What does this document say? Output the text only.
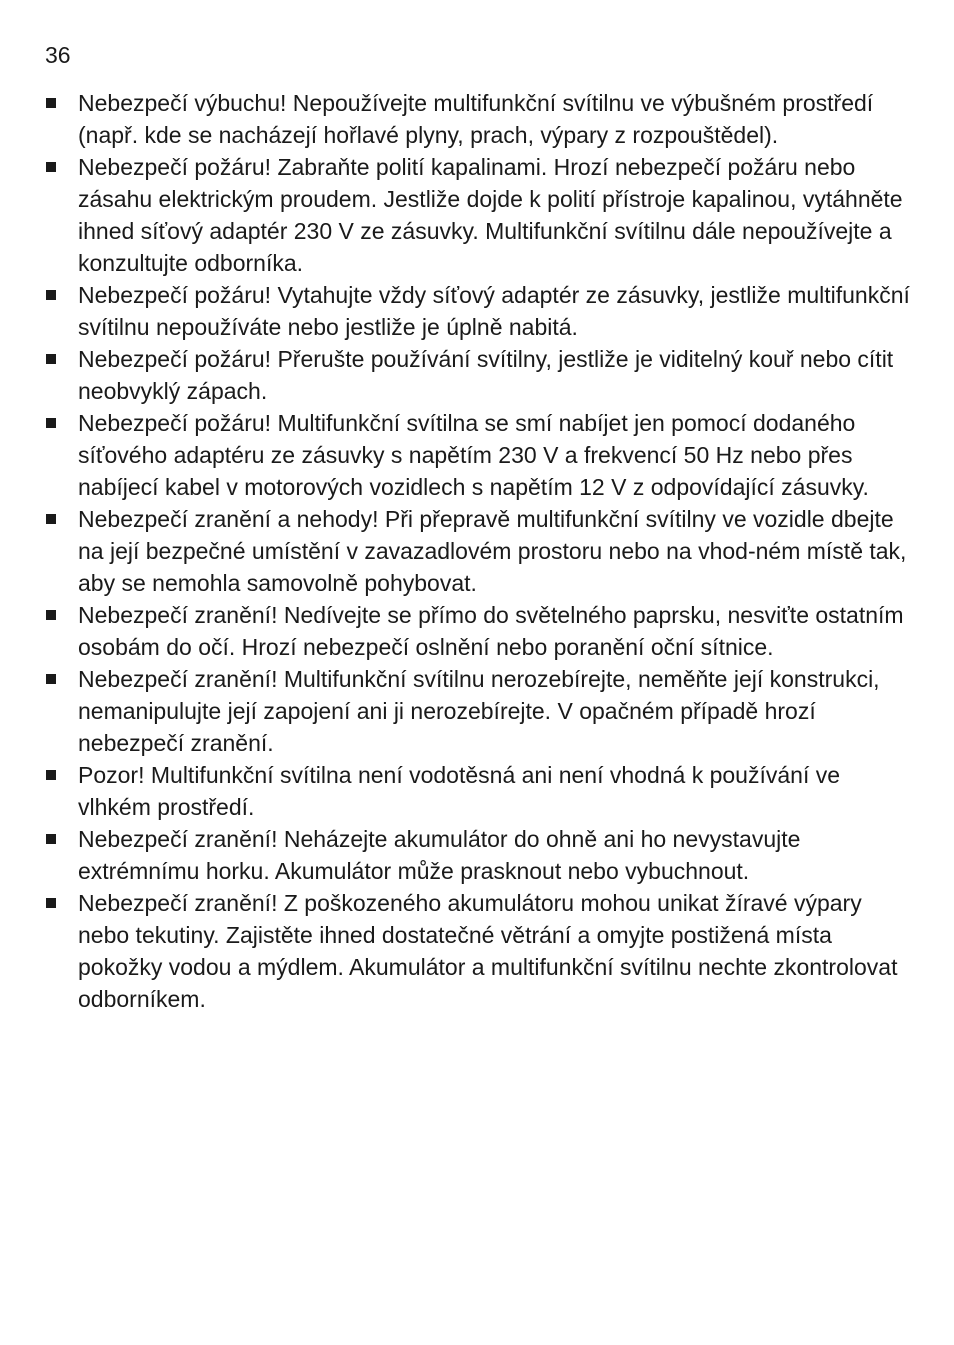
36
Nebezpečí výbuchu! Nepoužívejte multifunkční svítilnu ve výbušném prostředí (např. kde se nacházejí hořlavé plyny, prach, výpary z rozpouštědel).
Nebezpečí požáru! Zabraňte polití kapalinami. Hrozí nebezpečí požáru nebo zásahu elektrickým proudem. Jestliže dojde k polití přístroje kapalinou, vytáhněte ihned síťový adaptér 230 V ze zásuvky. Multifunkční svítilnu dále nepoužívejte a konzultujte odborníka.
Nebezpečí požáru! Vytahujte vždy síťový adaptér ze zásuvky, jestliže multifunkční svítilnu nepoužíváte nebo jestliže je úplně nabitá.
Nebezpečí požáru! Přerušte používání svítilny, jestliže je viditelný kouř nebo cítit neobvyklý zápach.
Nebezpečí požáru! Multifunkční svítilna se smí nabíjet jen pomocí dodaného síťového adaptéru ze zásuvky s napětím 230 V a frekvencí 50 Hz nebo přes nabíjecí kabel v motorových vozidlech s napětím 12 V z odpovídající zásuvky.
Nebezpečí zranění a nehody! Při přepravě multifunkční svítilny ve vozidle dbejte na její bezpečné umístění v zavazadlovém prostoru nebo na vhod-ném místě tak, aby se nemohla samovolně pohybovat.
Nebezpečí zranění! Nedívejte se přímo do světelného paprsku, nesviťte ostatním osobám do očí. Hrozí nebezpečí oslnění nebo poranění oční sítnice.
Nebezpečí zranění! Multifunkční svítilnu nerozebírejte, neměňte její konstrukci, nemanipulujte její zapojení ani ji nerozebírejte. V opačném případě hrozí nebezpečí zranění.
Pozor! Multifunkční svítilna není vodotěsná ani není vhodná k používání ve vlhkém prostředí.
Nebezpečí zranění! Neházejte akumulátor do ohně ani ho nevystavujte extrémnímu horku. Akumulátor může prasknout nebo vybuchnout.
Nebezpečí zranění! Z poškozeného akumulátoru mohou unikat žíravé výpary nebo tekutiny. Zajistěte ihned dostatečné větrání a omyjte postižená místa pokožky vodou a mýdlem. Akumulátor a multifunkční svítilnu nechte zkontrolovat odborníkem.
